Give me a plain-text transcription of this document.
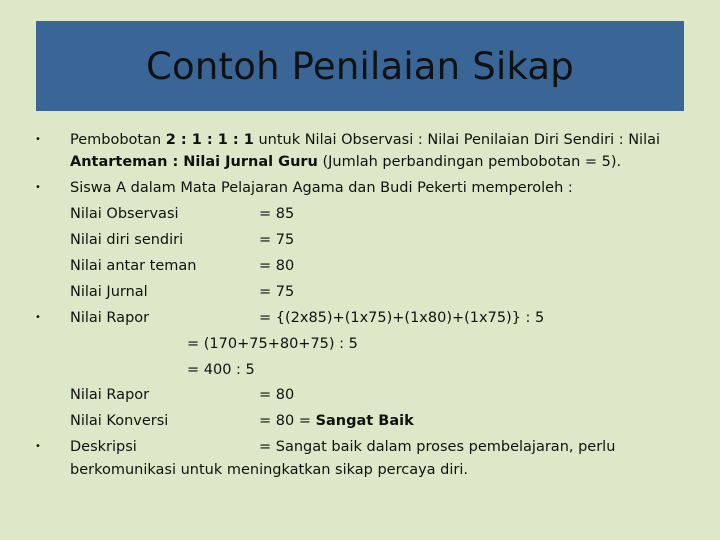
Contoh Penilaian Sikap
•
•
•
•
Pembobotan 2 : 1 : 1 : 1 untuk Nilai Observasi : Nilai Penilaian Diri Sendiri : Nilai
Antarteman : Nilai Jurnal Guru (Jumlah perbandingan pembobotan = 5).
Siswa A dalam Mata Pelajaran Agama dan Budi Pekerti memperoleh :
Nilai Observasi	= 85
Nilai diri sendiri	= 75
Nilai antar teman	= 80
Nilai Jurnal	= 75
Nilai Rapor	= {(2x85)+(1x75)+(1x80)+(1x75)} : 5
= (170+75+80+75) : 5
= 400 : 5
Nilai Rapor	= 80
Nilai Konversi	= 80 = Sangat Baik
Deskripsi	= Sangat baik dalam proses pembelajaran, perlu
berkomunikasi untuk meningkatkan sikap percaya diri.
